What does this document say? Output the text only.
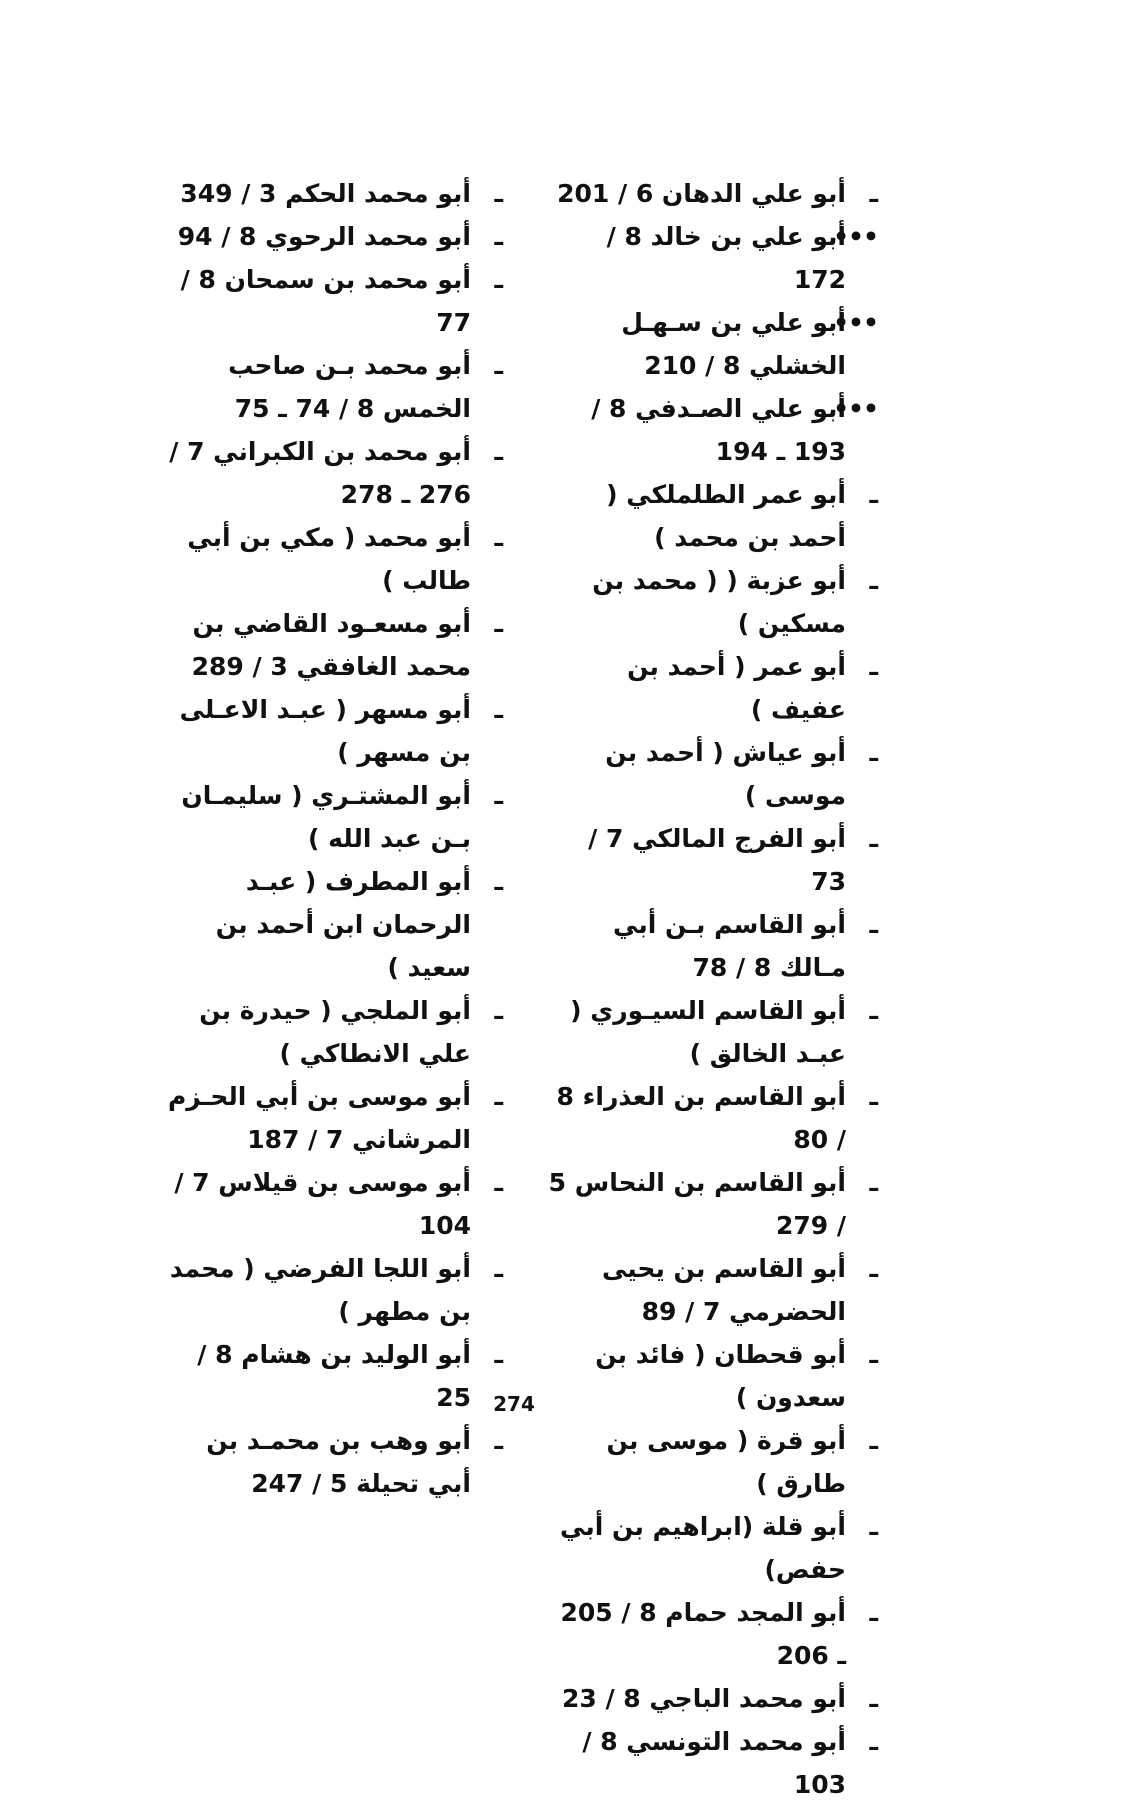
ـ
أبو علي الدهان 6 / 201
•••
أبو علي بن خالد 8 / 172
•••
أبو علي بن سـهـل الخشلي 8 / 210
•••
أبو علي الصـدفي 8 / 193 ـ 194
ـ
أبو عمر الطلملكي ( أحمد بن محمد )
ـ
أبو عزبة ( ( محمد بن مسكين )
ـ
أبو عمر ( أحمد بن عفيف )
ـ
أبو عياش ( أحمد بن موسى )
ـ
أبو الفرج المالكي 7 / 73
ـ
أبو القاسم بـن أبي مـالك 8 / 78
ـ
أبو القاسم السيـوري ( عبـد الخالق )
ـ
أبو القاسم بن العذراء 8 / 80
ـ
أبو القاسم بن النحاس 5 / 279
ـ
أبو القاسم بن يحيى الحضرمي 7 / 89
ـ
أبو قحطان ( فائد بن سعدون )
ـ
أبو قرة ( موسى بن طارق )
ـ
أبو قلة (ابراهيم بن أبي حفص)
ـ
أبو المجد حمام 8 / 205 ـ 206
ـ
أبو محمد الباجي 8 / 23
ـ
أبو محمد التونسي 8 / 103
ـ
أبو محمد الحكم 3 / 349
ـ
أبو محمد الرحوي 8 / 94
ـ
أبو محمد بن سمحان 8 / 77
ـ
أبو محمد بـن صاحب الخمس 8 / 74 ـ 75
ـ
أبو محمد بن الكبراني 7 / 276 ـ 278
ـ
أبو محمد ( مكي بن أبي طالب )
ـ
أبو مسعـود القاضي بن محمد الغافقي 3 / 289
ـ
أبو مسهر ( عبـد الاعـلى بن مسهر )
ـ
أبو المشتـري ( سليمـان بـن عبد الله )
ـ
أبو المطرف ( عبـد الرحمان ابن أحمد بن سعيد )
ـ
أبو الملجي ( حيدرة بن علي الانطاكي )
ـ
أبو موسى بن أبي الحـزم المرشاني 7 / 187
ـ
أبو موسى بن قيلاس 7 / 104
ـ
أبو اللجا الفرضي ( محمد بن مطهر )
ـ
أبو الوليد بن هشام 8 / 25
ـ
أبو وهب بن محمـد بن أبي تحيلة 5 / 247
274
